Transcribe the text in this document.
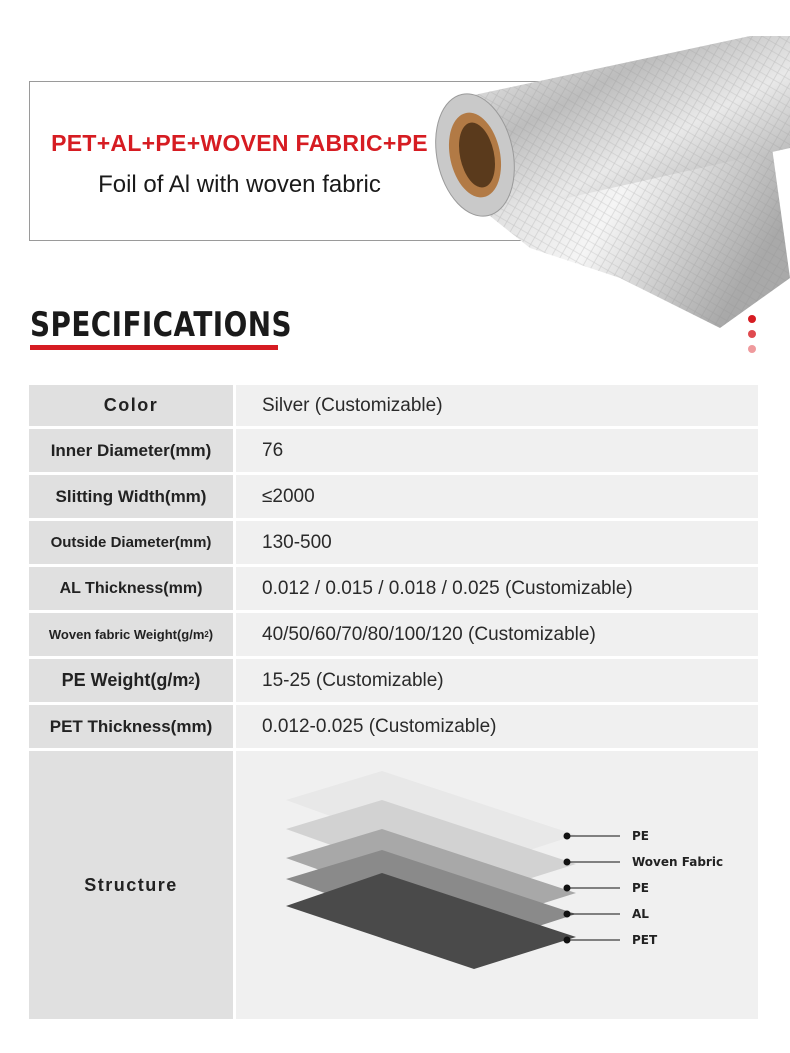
PET+AL+PE+WOVEN FABRIC+PE
Foil of Al with woven fabric
SPECIFICATIONS
Color	Silver (Customizable)
Inner Diameter(mm)	76
Slitting Width(mm)	≤2000
Outside Diameter(mm)	130-500
AL Thickness(mm)	0.012 / 0.015 / 0.018 / 0.025 (Customizable)
Woven fabric Weight(g/m 2 )	40/50/60/70/80/100/120 (Customizable)
PE Weight(g/m 2 )	15-25 (Customizable)
PET Thickness(mm)	0.012-0.025 (Customizable)
Structure
PE
Woven Fabric
PE
AL
PET
